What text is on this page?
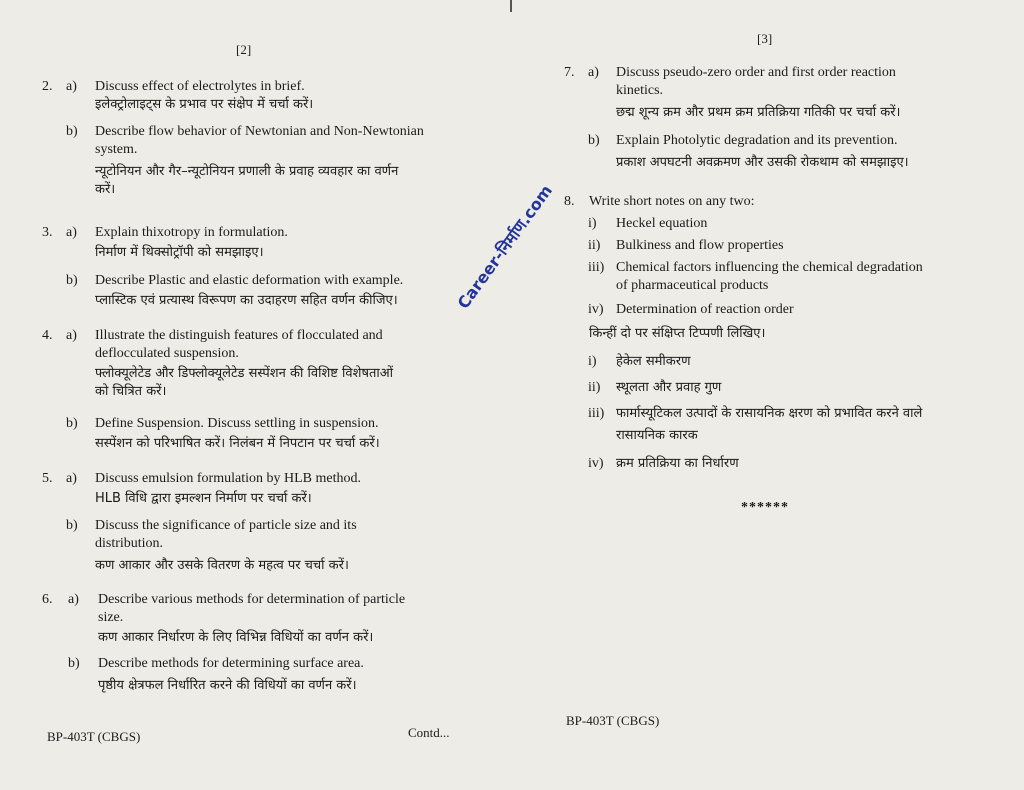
[2]
2. a) Discuss effect of electrolytes in brief.
इलेक्ट्रोलाइट्स के प्रभाव पर संक्षेप में चर्चा करें।
b) Describe flow behavior of Newtonian and Non-Newtonian
system.
न्यूटोनियन और गैर–न्यूटोनियन प्रणाली के प्रवाह व्यवहार का वर्णन
करें।
3. a) Explain thixotropy in formulation.
निर्माण में थिक्सोट्रॉपी को समझाइए।
b) Describe Plastic and elastic deformation with example.
प्लास्टिक एवं प्रत्यास्थ विरूपण का उदाहरण सहित वर्णन कीजिए।
4. a) Illustrate the distinguish features of flocculated and
deflocculated suspension.
फ्लोक्यूलेटेड और डिफ्लोक्यूलेटेड सस्पेंशन की विशिष्ट विशेषताओं
को चित्रित करें।
b) Define Suspension. Discuss settling in suspension.
सस्पेंशन को परिभाषित करें। निलंबन में निपटान पर चर्चा करें।
5. a) Discuss emulsion formulation by HLB method.
HLB विधि द्वारा इमल्शन निर्माण पर चर्चा करें।
b) Discuss the significance of particle size and its
distribution.
कण आकार और उसके वितरण के महत्व पर चर्चा करें।
6. a) Describe various methods for determination of particle
size.
कण आकार निर्धारण के लिए विभिन्न विधियों का वर्णन करें।
b) Describe methods for determining surface area.
पृष्ठीय क्षेत्रफल निर्धारित करने की विधियों का वर्णन करें।
BP-403T (CBGS)	Contd...
Career-निर्माण.com
[3]
7. a) Discuss pseudo-zero order and first order reaction
kinetics.
छद्म शून्य क्रम और प्रथम क्रम प्रतिक्रिया गतिकी पर चर्चा करें।
b) Explain Photolytic degradation and its prevention.
प्रकाश अपघटनी अवक्रमण और उसकी रोकथाम को समझाइए।
8. Write short notes on any two:
i) Heckel equation
ii) Bulkiness and flow properties
iii) Chemical factors influencing the chemical degradation
of pharmaceutical products
iv) Determination of reaction order
किन्हीं दो पर संक्षिप्त टिप्पणी लिखिए।
i) हेकेल समीकरण
ii) स्थूलता और प्रवाह गुण
iii) फार्मास्यूटिकल उत्पादों के रासायनिक क्षरण को प्रभावित करने वाले
रासायनिक कारक
iv) क्रम प्रतिक्रिया का निर्धारण
******
BP-403T (CBGS)
